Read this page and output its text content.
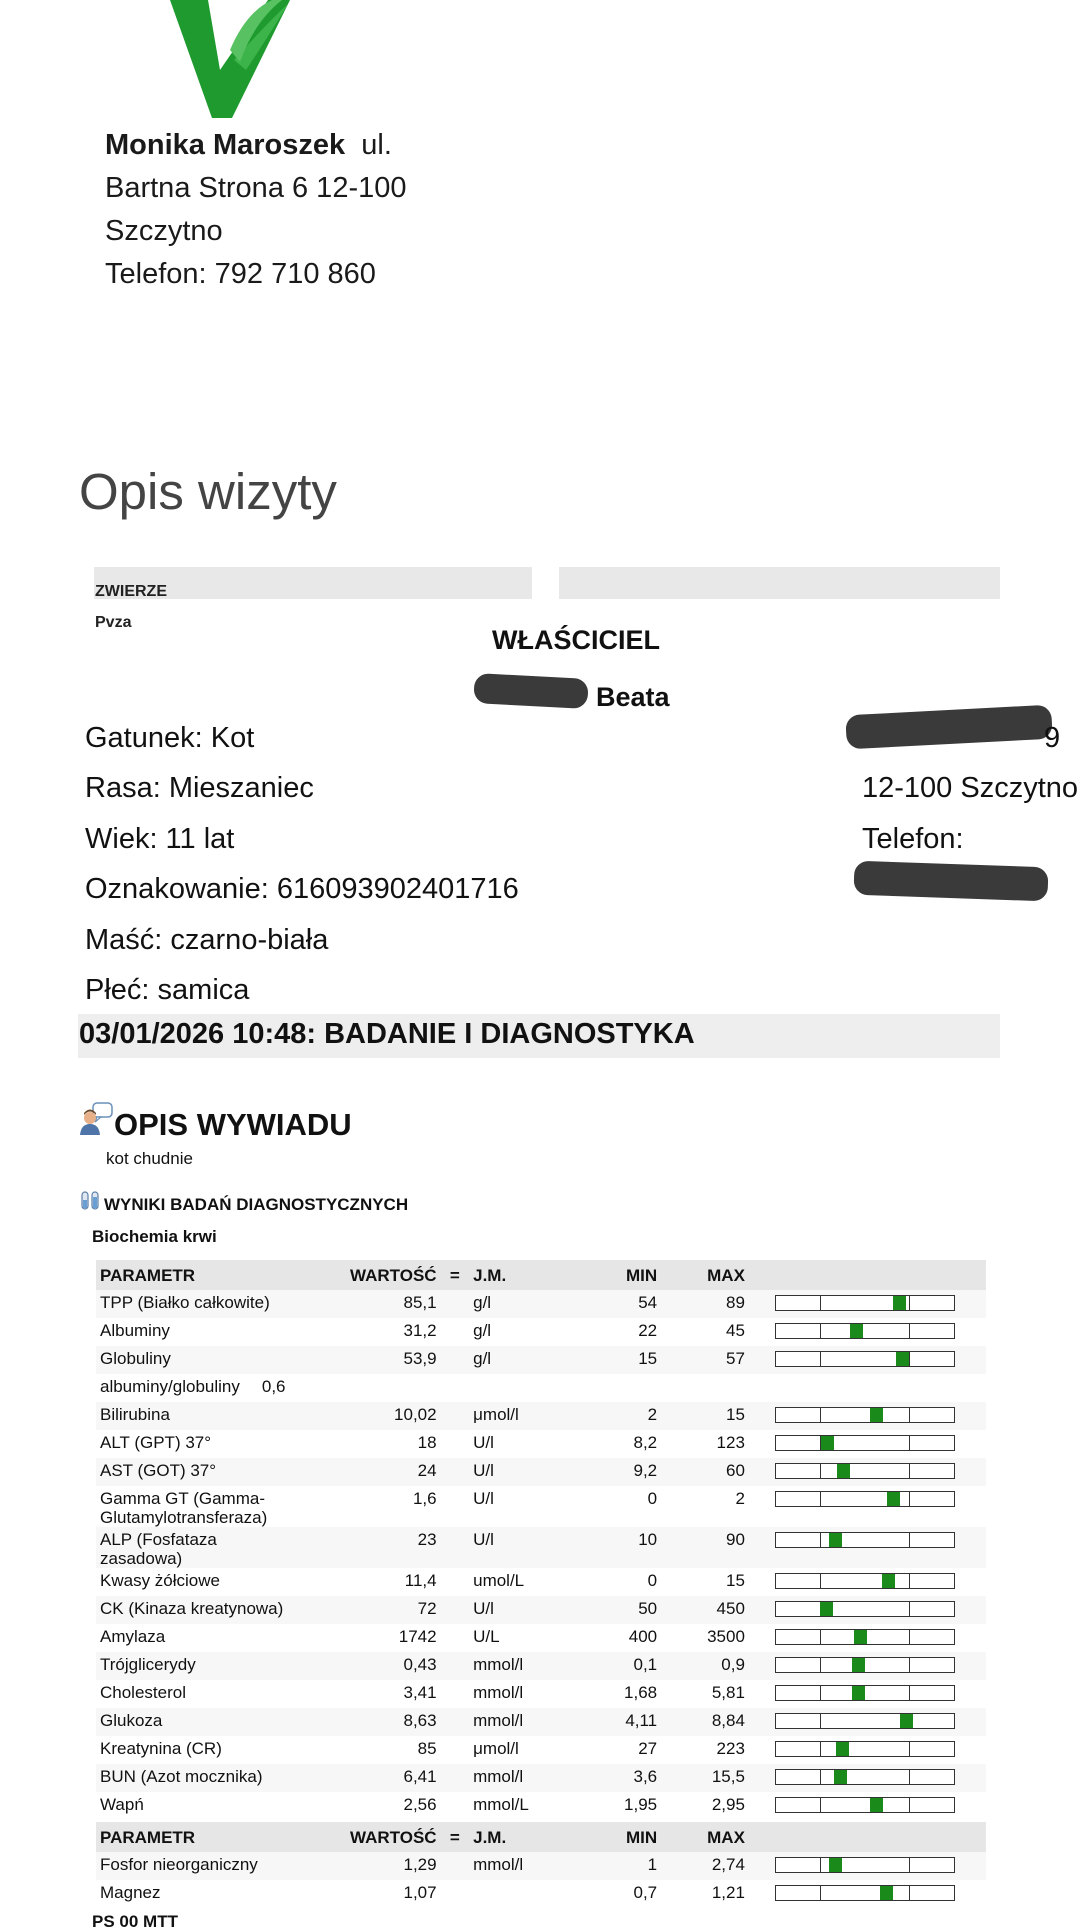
Monika Maroszek ul.
Bartna Strona 6 12-100
Szczytno
Telefon: 792 710 860
Opis wizyty
ZWIERZE
Pvza
WŁAŚCICIEL
Beata
Gatunek: Kot
Rasa: Mieszaniec
Wiek: 11 lat
Oznakowanie: 616093902401716
Maść: czarno-biała
Płeć: samica
9
12-100 Szczytno
Telefon:
03/01/2026 10:48: BADANIE I DIAGNOSTYKA
OPIS WYWIADU
kot chudnie
WYNIKI BADAŃ DIAGNOSTYCZNYCH
Biochemia krwi
PARAMETR	WARTOŚĆ	=	J.M.	MIN	MAX		
TPP (Białko całkowite)	85,1		g/l	54	89		

Albuminy	31,2		g/l	22	45		

Globuliny	53,9		g/l	15	57		

albuminy/globuliny 0,6							
Bilirubina	10,02		μmol/l	2	15		

ALT (GPT) 37°	18		U/l	8,2	123		

AST (GOT) 37°	24		U/l	9,2	60		

Gamma GT (Gamma-Glutamylotransferaza)	1,6		U/l	0	2		

ALP (Fosfataza zasadowa)	23		U/l	10	90		

Kwasy żółciowe	11,4		umol/L	0	15		

CK (Kinaza kreatynowa)	72		U/l	50	450		

Amylaza	1742		U/L	400	3500		

Trójglicerydy	0,43		mmol/l	0,1	0,9		

Cholesterol	3,41		mmol/l	1,68	5,81		

Glukoza	8,63		mmol/l	4,11	8,84		

Kreatynina (CR)	85		μmol/l	27	223		

BUN (Azot mocznika)	6,41		mmol/l	3,6	15,5		

Wapń	2,56		mmol/L	1,95	2,95		
PARAMETR	WARTOŚĆ	=	J.M.	MIN	MAX		
Fosfor nieorganiczny	1,29		mmol/l	1	2,74		

Magnez	1,07			0,7	1,21		
PS 00 MTT
